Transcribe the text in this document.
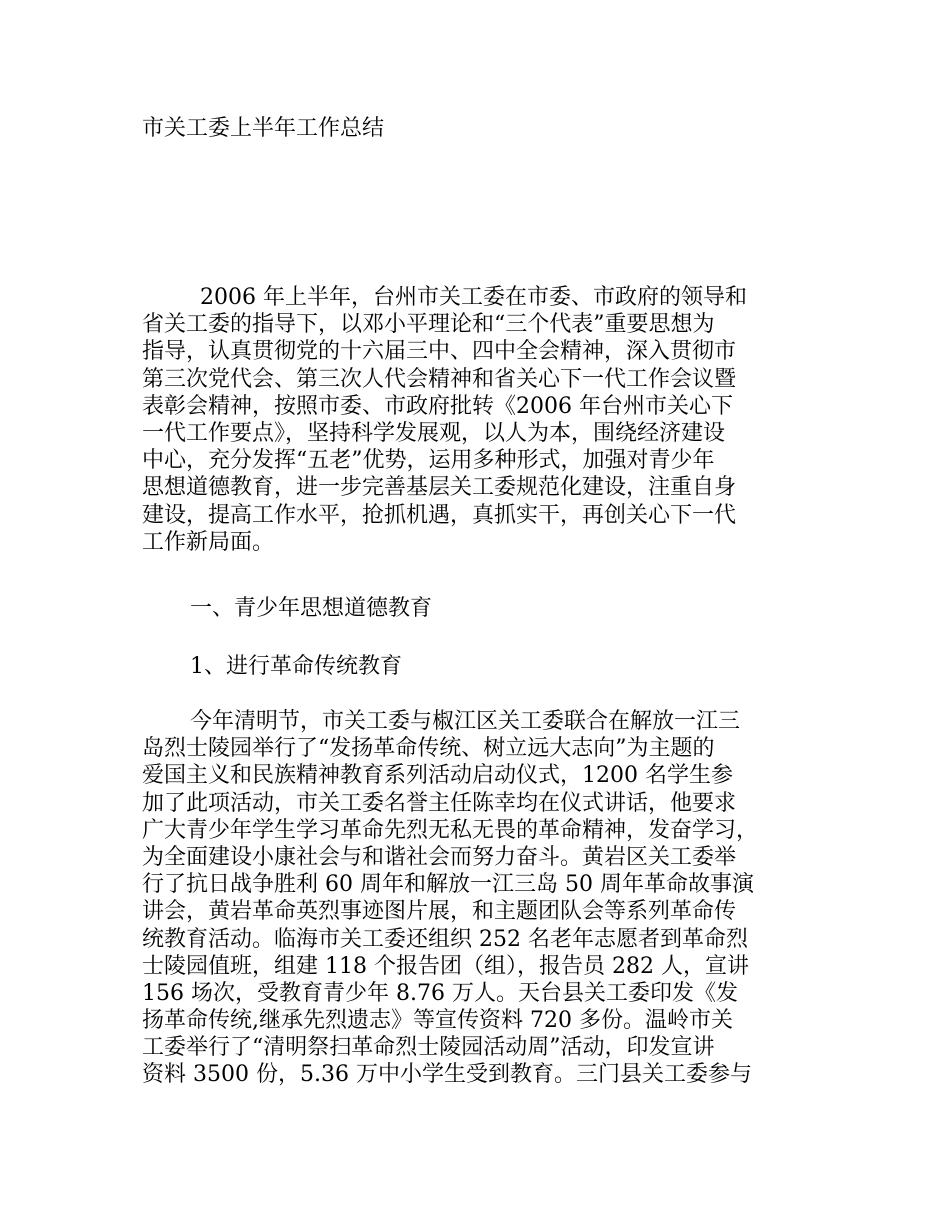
市关工委上半年工作总结
2006 年上半年，台州市关工委在市委、市政府的领导和
省关工委的指导下，以邓小平理论和“三个代表”重要思想为
指导，认真贯彻党的十六届三中、四中全会精神，深入贯彻市
第三次党代会、第三次人代会精神和省关心下一代工作会议暨
表彰会精神，按照市委、市政府批转《2006 年台州市关心下
一代工作要点》，坚持科学发展观，以人为本，围绕经济建设
中心，充分发挥“五老”优势，运用多种形式，加强对青少年
思想道德教育，进一步完善基层关工委规范化建设，注重自身
建设，提高工作水平，抢抓机遇，真抓实干，再创关心下一代
工作新局面。
一、青少年思想道德教育
1、进行革命传统教育
今年清明节，市关工委与椒江区关工委联合在解放一江三
岛烈士陵园举行了“发扬革命传统、树立远大志向”为主题的
爱国主义和民族精神教育系列活动启动仪式，1200 名学生参
加了此项活动，市关工委名誉主任陈幸均在仪式讲话，他要求
广大青少年学生学习革命先烈无私无畏的革命精神，发奋学习，
为全面建设小康社会与和谐社会而努力奋斗。黄岩区关工委举
行了抗日战争胜利 60 周年和解放一江三岛 50 周年革命故事演
讲会，黄岩革命英烈事迹图片展，和主题团队会等系列革命传
统教育活动。临海市关工委还组织 252 名老年志愿者到革命烈
士陵园值班，组建 118 个报告团（组），报告员 282 人，宣讲
156 场次，受教育青少年 8.76 万人。天台县关工委印发《发
扬革命传统,继承先烈遗志》等宣传资料 720 多份。温岭市关
工委举行了“清明祭扫革命烈士陵园活动周”活动，印发宣讲
资料 3500 份，5.36 万中小学生受到教育。三门县关工委参与
